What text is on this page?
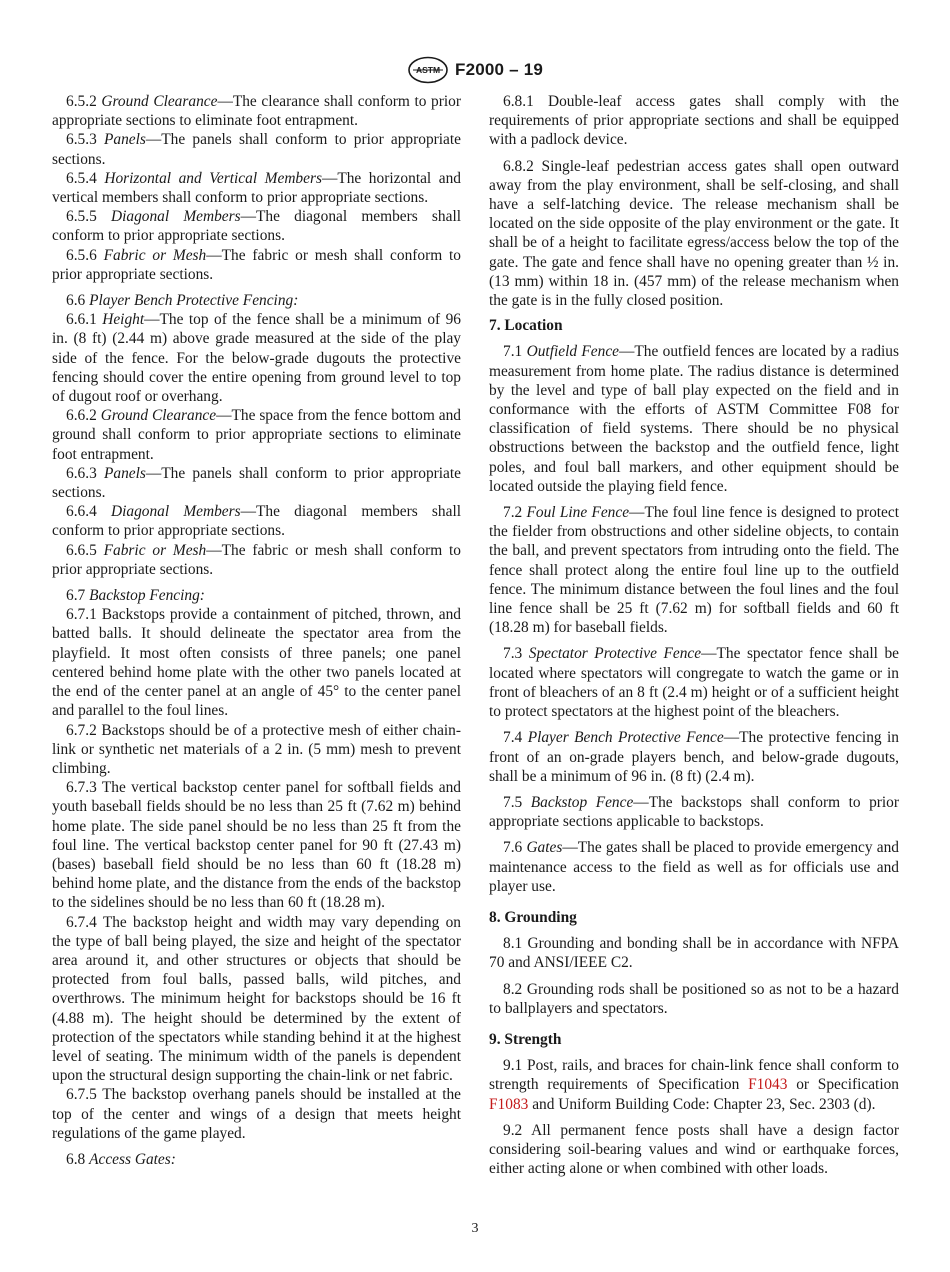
ASTM F2000 – 19

6.5.2 Ground Clearance—The clearance shall conform to prior appropriate sections to eliminate foot entrapment.

6.5.3 Panels—The panels shall conform to prior appropriate sections.

6.5.4 Horizontal and Vertical Members—The horizontal and vertical members shall conform to prior appropriate sections.

6.5.5 Diagonal Members—The diagonal members shall conform to prior appropriate sections.

6.5.6 Fabric or Mesh—The fabric or mesh shall conform to prior appropriate sections.

6.6 Player Bench Protective Fencing:

6.6.1 Height—The top of the fence shall be a minimum of 96 in. (8 ft) (2.44 m) above grade measured at the side of the play side of the fence. For the below-grade dugouts the protective fencing should cover the entire opening from ground level to top of dugout roof or overhang.

6.6.2 Ground Clearance—The space from the fence bottom and ground shall conform to prior appropriate sections to eliminate foot entrapment.

6.6.3 Panels—The panels shall conform to prior appropriate sections.

6.6.4 Diagonal Members—The diagonal members shall conform to prior appropriate sections.

6.6.5 Fabric or Mesh—The fabric or mesh shall conform to prior appropriate sections.

6.7 Backstop Fencing:

6.7.1 Backstops provide a containment of pitched, thrown, and batted balls. It should delineate the spectator area from the playfield. It most often consists of three panels; one panel centered behind home plate with the other two panels located at the end of the center panel at an angle of 45° to the center panel and parallel to the foul lines.

6.7.2 Backstops should be of a protective mesh of either chain-link or synthetic net materials of a 2 in. (5 mm) mesh to prevent climbing.

6.7.3 The vertical backstop center panel for softball fields and youth baseball fields should be no less than 25 ft (7.62 m) behind home plate. The side panel should be no less than 25 ft from the foul line. The vertical backstop center panel for 90 ft (27.43 m) (bases) baseball field should be no less than 60 ft (18.28 m) behind home plate, and the distance from the ends of the backstop to the sidelines should be no less than 60 ft (18.28 m).

6.7.4 The backstop height and width may vary depending on the type of ball being played, the size and height of the spectator area around it, and other structures or objects that should be protected from foul balls, passed balls, wild pitches, and overthrows. The minimum height for backstops should be 16 ft (4.88 m). The height should be determined by the extent of protection of the spectators while standing behind it at the highest level of seating. The minimum width of the panels is dependent upon the structural design supporting the chain-link or net fabric.

6.7.5 The backstop overhang panels should be installed at the top of the center and wings of a design that meets height regulations of the game played.

6.8 Access Gates:

6.8.1 Double-leaf access gates shall comply with the requirements of prior appropriate sections and shall be equipped with a padlock device.

6.8.2 Single-leaf pedestrian access gates shall open outward away from the play environment, shall be self-closing, and shall have a self-latching device. The release mechanism shall be located on the side opposite of the play environment or the gate. It shall be of a height to facilitate egress/access below the top of the gate. The gate and fence shall have no opening greater than ½ in. (13 mm) within 18 in. (457 mm) of the release mechanism when the gate is in the fully closed position.

7. Location

7.1 Outfield Fence—The outfield fences are located by a radius measurement from home plate. The radius distance is determined by the level and type of ball play expected on the field and in conformance with the efforts of ASTM Committee F08 for classification of field systems. There should be no physical obstructions between the backstop and the outfield fence, light poles, and foul ball markers, and other equipment should be located outside the playing field fence.

7.2 Foul Line Fence—The foul line fence is designed to protect the fielder from obstructions and other sideline objects, to contain the ball, and prevent spectators from intruding onto the field. The fence shall protect along the entire foul line up to the outfield fence. The minimum distance between the foul lines and the foul line fence shall be 25 ft (7.62 m) for softball fields and 60 ft (18.28 m) for baseball fields.

7.3 Spectator Protective Fence—The spectator fence shall be located where spectators will congregate to watch the game or in front of bleachers of an 8 ft (2.4 m) height or of a sufficient height to protect spectators at the highest point of the bleachers.

7.4 Player Bench Protective Fence—The protective fencing in front of an on-grade players bench, and below-grade dugouts, shall be a minimum of 96 in. (8 ft) (2.4 m).

7.5 Backstop Fence—The backstops shall conform to prior appropriate sections applicable to backstops.

7.6 Gates—The gates shall be placed to provide emergency and maintenance access to the field as well as for officials use and player use.

8. Grounding

8.1 Grounding and bonding shall be in accordance with NFPA 70 and ANSI/IEEE C2.

8.2 Grounding rods shall be positioned so as not to be a hazard to ballplayers and spectators.

9. Strength

9.1 Post, rails, and braces for chain-link fence shall conform to strength requirements of Specification F1043 or Specification F1083 and Uniform Building Code: Chapter 23, Sec. 2303 (d).

9.2 All permanent fence posts shall have a design factor considering soil-bearing values and wind or earthquake forces, either acting alone or when combined with other loads.

3
